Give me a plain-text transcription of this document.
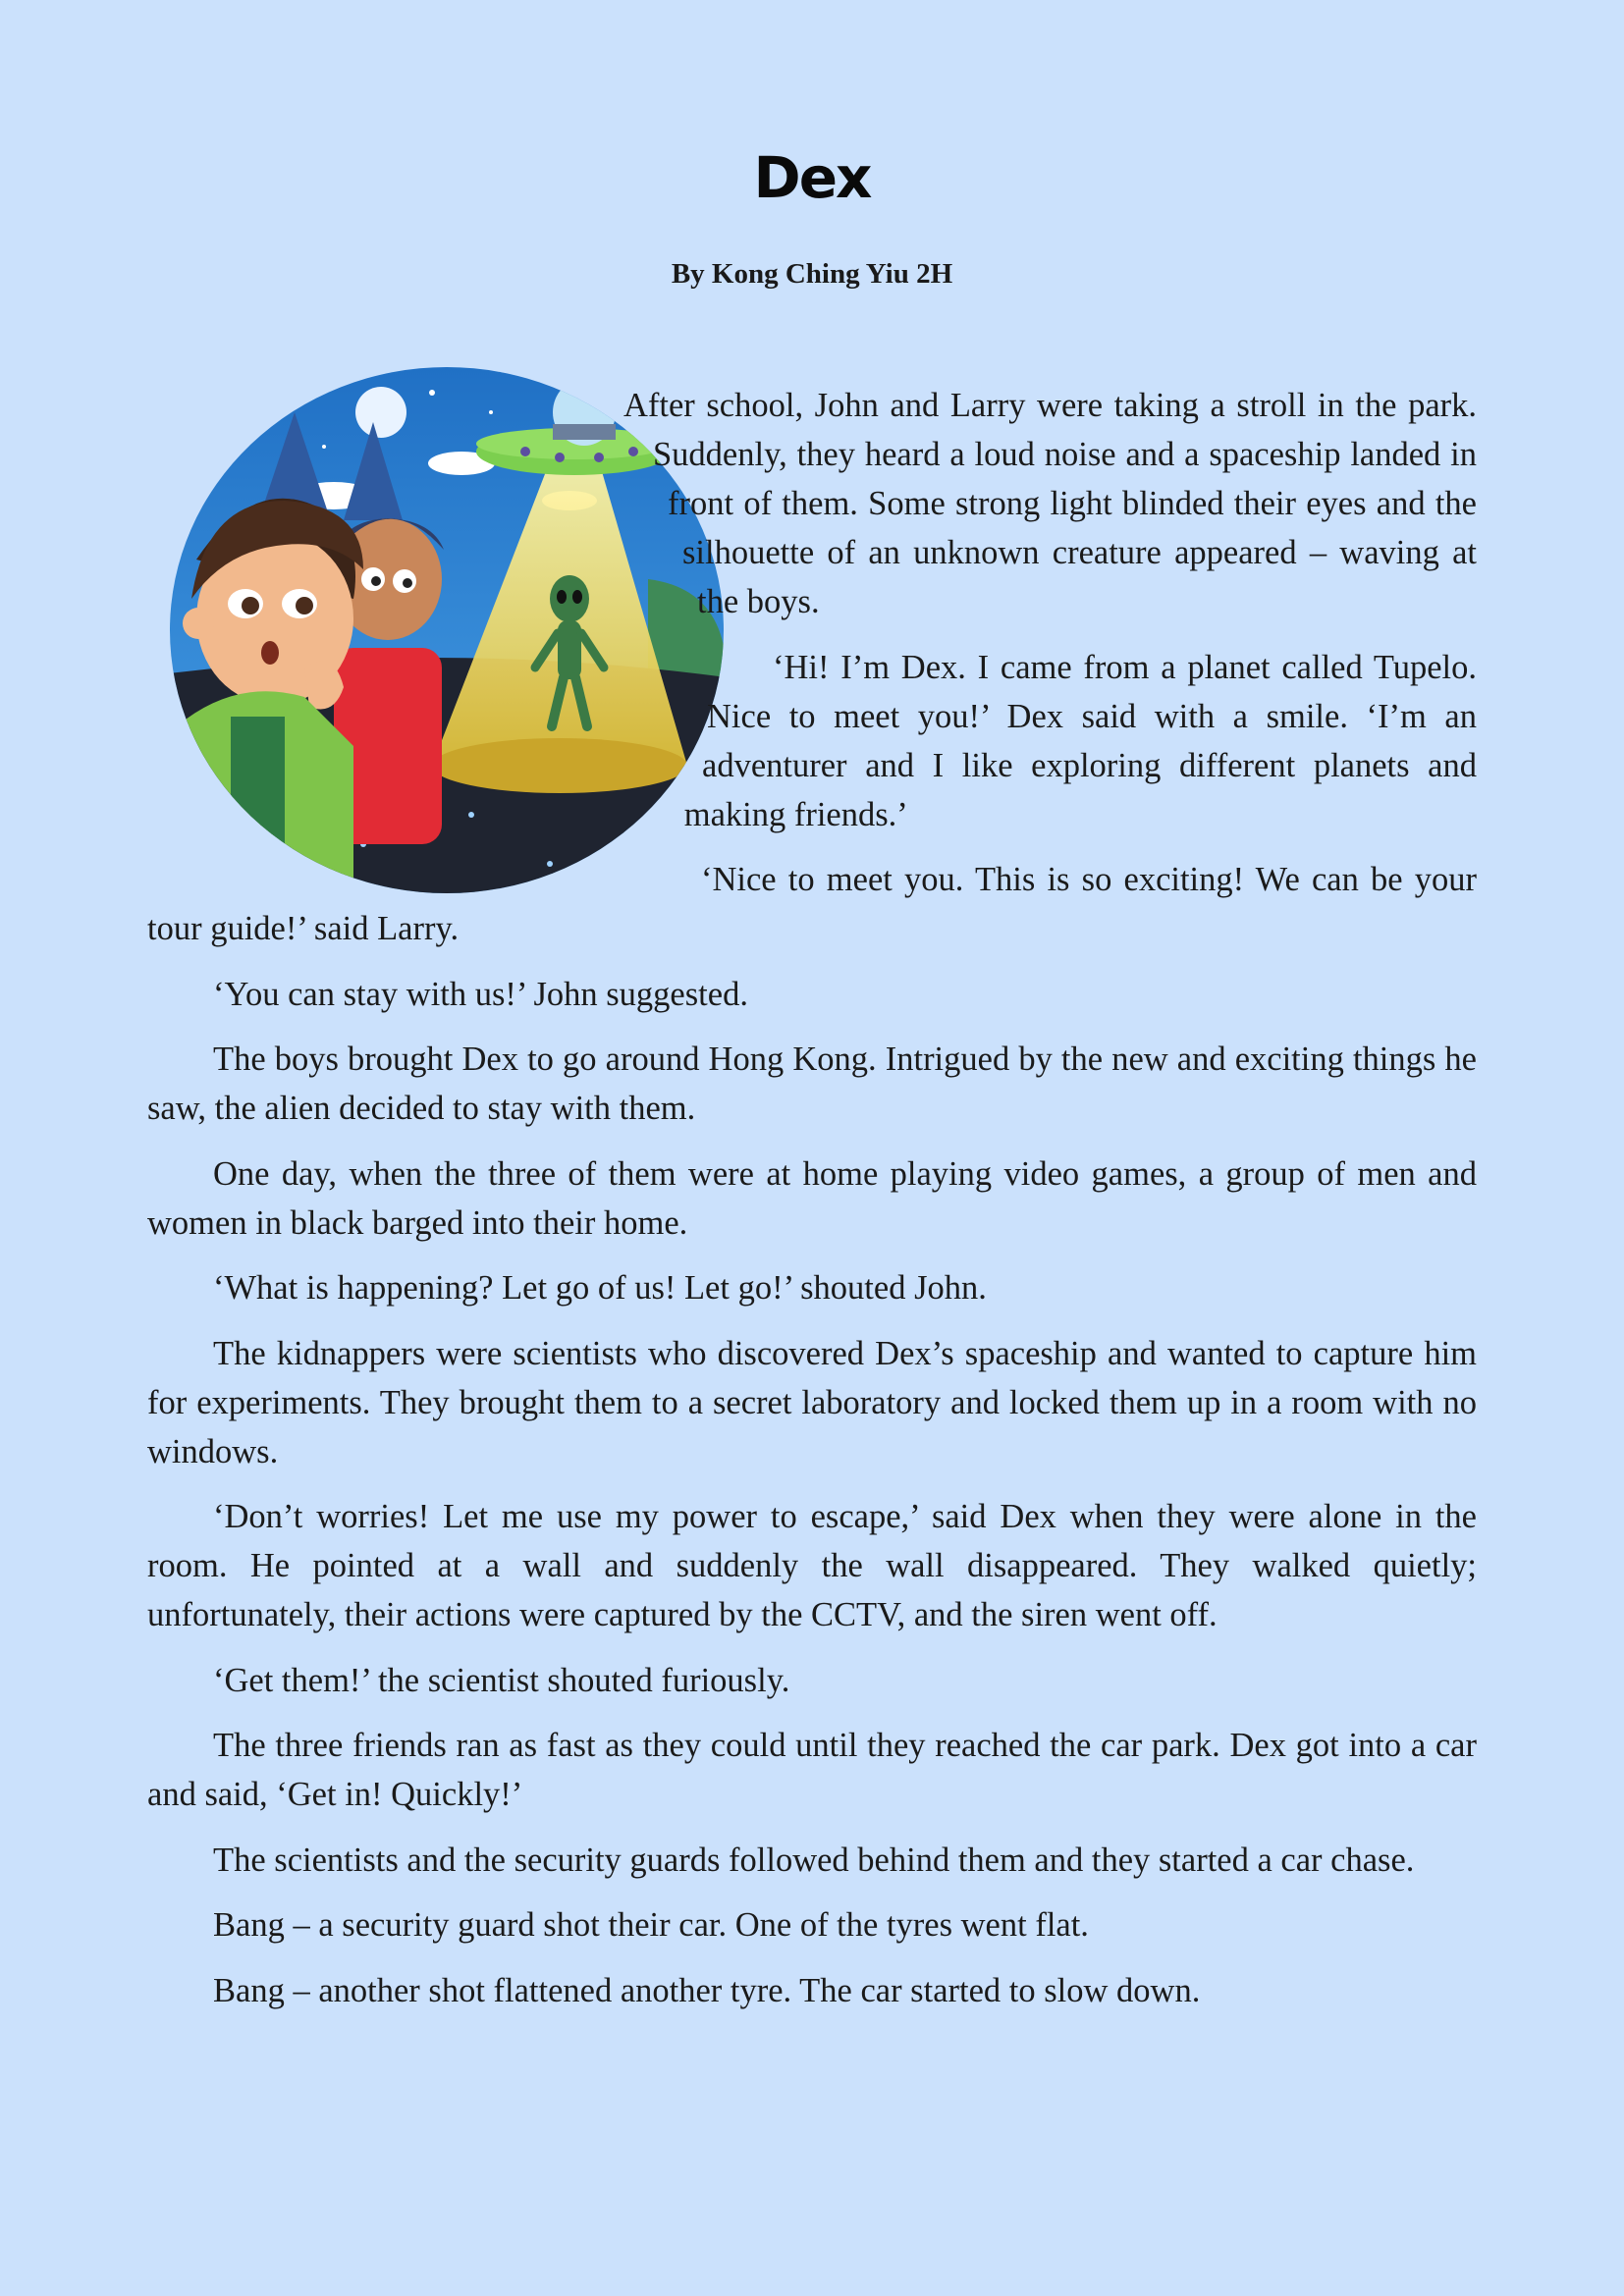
Dex
By Kong Ching Yiu 2H

After school, John and Larry were taking a stroll in the park. Suddenly, they heard a loud noise and a spaceship landed in front of them. Some strong light blinded their eyes and the silhouette of an unknown creature appeared – waving at the boys.

‘Hi! I’m Dex. I came from a planet called Tupelo. Nice to meet you!’ Dex said with a smile. ‘I’m an adventurer and I like exploring different planets and making friends.’

‘Nice to meet you. This is so exciting! We can be your tour guide!’ said Larry.

‘You can stay with us!’ John suggested.

The boys brought Dex to go around Hong Kong. Intrigued by the new and exciting things he saw, the alien decided to stay with them.

One day, when the three of them were at home playing video games, a group of men and women in black barged into their home.

‘What is happening? Let go of us! Let go!’ shouted John.

The kidnappers were scientists who discovered Dex’s spaceship and wanted to capture him for experiments. They brought them to a secret laboratory and locked them up in a room with no windows.

‘Don’t worries! Let me use my power to escape,’ said Dex when they were alone in the room. He pointed at a wall and suddenly the wall disappeared. They walked quietly; unfortunately, their actions were captured by the CCTV, and the siren went off.

‘Get them!’ the scientist shouted furiously.

The three friends ran as fast as they could until they reached the car park. Dex got into a car and said, ‘Get in! Quickly!’

The scientists and the security guards followed behind them and they started a car chase.

Bang – a security guard shot their car. One of the tyres went flat.

Bang – another shot flattened another tyre. The car started to slow down.
